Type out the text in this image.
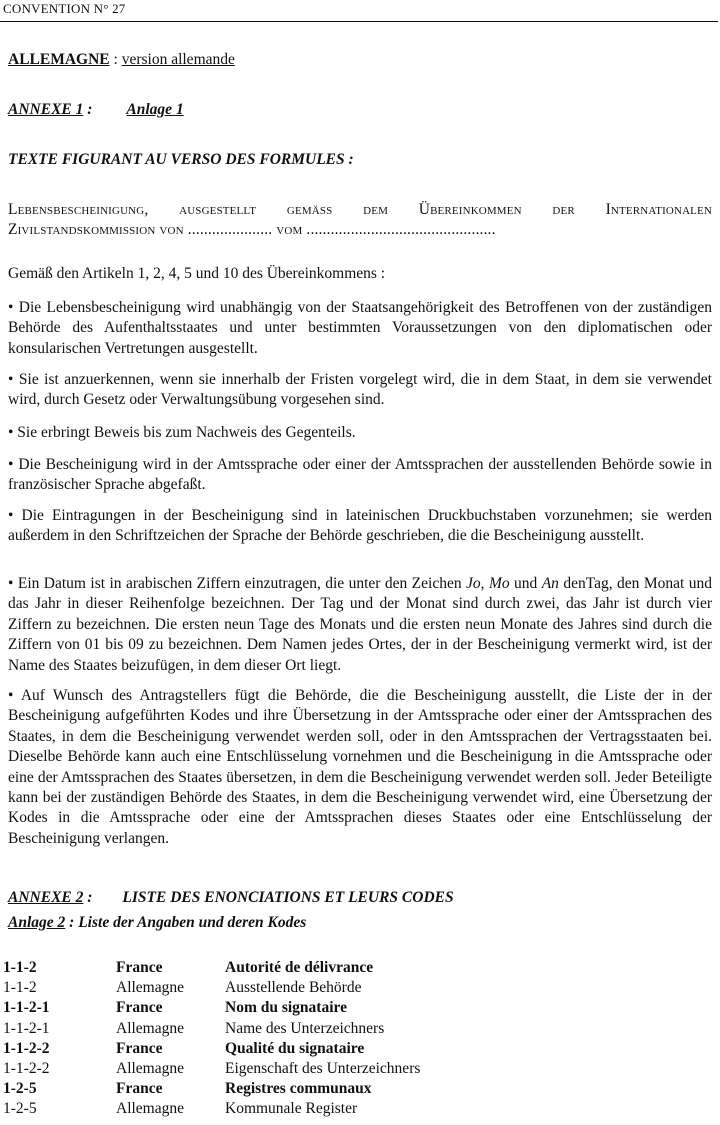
CONVENTION N° 27
ALLEMAGNE : version allemande
ANNEXE 1 : Anlage 1
TEXTE FIGURANT AU VERSO DES FORMULES :
Lebensbescheinigung, ausgestellt gemäss dem Übereinkommen der Internationalen
Zivilstandskommission von ..................... vom ...............................................
Gemäß den Artikeln 1, 2, 4, 5 und 10 des Übereinkommens :
• Die Lebensbescheinigung wird unabhängig von der Staatsangehörigkeit des Betroffenen von der zuständigen Behörde des Aufenthaltsstaates und unter bestimmten Voraussetzungen von den diplomatischen oder konsularischen Vertretungen ausgestellt.
• Sie ist anzuerkennen, wenn sie innerhalb der Fristen vorgelegt wird, die in dem Staat, in dem sie verwendet wird, durch Gesetz oder Verwaltungsübung vorgesehen sind.
• Sie erbringt Beweis bis zum Nachweis des Gegenteils.
• Die Bescheinigung wird in der Amtssprache oder einer der Amtssprachen der ausstellenden Behörde sowie in französischer Sprache abgefaßt.
• Die Eintragungen in der Bescheinigung sind in lateinischen Druckbuchstaben vorzunehmen; sie werden außerdem in den Schriftzeichen der Sprache der Behörde geschrieben, die die Bescheinigung ausstellt.
• Ein Datum ist in arabischen Ziffern einzutragen, die unter den Zeichen Jo, Mo und An denTag, den Monat und das Jahr in dieser Reihenfolge bezeichnen. Der Tag und der Monat sind durch zwei, das Jahr ist durch vier Ziffern zu bezeichnen. Die ersten neun Tage des Monats und die ersten neun Monate des Jahres sind durch die Ziffern von 01 bis 09 zu bezeichnen. Dem Namen jedes Ortes, der in der Bescheinigung vermerkt wird, ist der Name des Staates beizufügen, in dem dieser Ort liegt.
• Auf Wunsch des Antragstellers fügt die Behörde, die die Bescheinigung ausstellt, die Liste der in der Bescheinigung aufgeführten Kodes und ihre Übersetzung in der Amtssprache oder einer der Amtssprachen des Staates, in dem die Bescheinigung verwendet werden soll, oder in den Amtssprachen der Vertragsstaaten bei. Dieselbe Behörde kann auch eine Entschlüsselung vornehmen und die Bescheinigung in die Amtssprache oder eine der Amtssprachen des Staates übersetzen, in dem die Bescheinigung verwendet werden soll. Jeder Beteiligte kann bei der zuständigen Behörde des Staates, in dem die Bescheinigung verwendet wird, eine Übersetzung der Kodes in die Amtssprache oder eine der Amtssprachen dieses Staates oder eine Entschlüsselung der Bescheinigung verlangen.
ANNEXE 2 : LISTE DES ENONCIATIONS ET LEURS CODES
Anlage 2 : Liste der Angaben und deren Kodes
1-1-2	France	Autorité de délivrance
1-1-2	Allemagne	Ausstellende Behörde
1-1-2-1	France	Nom du signataire
1-1-2-1	Allemagne	Name des Unterzeichners
1-1-2-2	France	Qualité du signataire
1-1-2-2	Allemagne	Eigenschaft des Unterzeichners
1-2-5	France	Registres communaux
1-2-5	Allemagne	Kommunale Register
